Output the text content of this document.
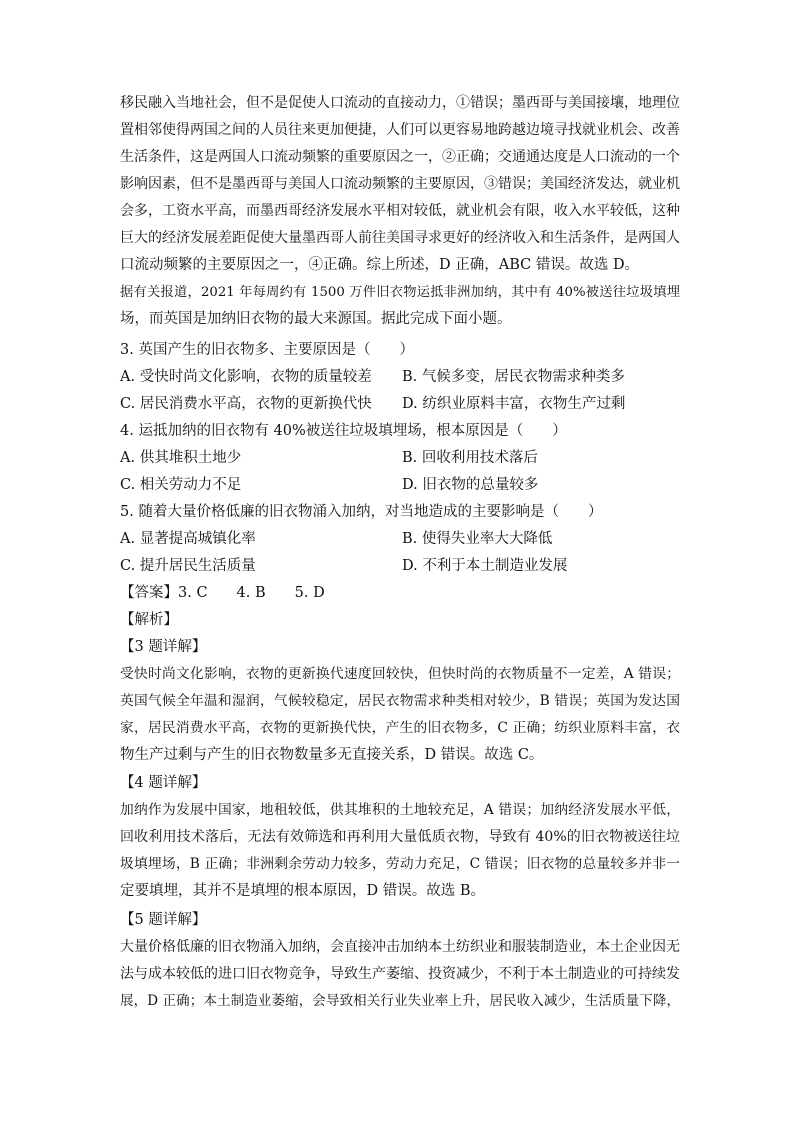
移民融入当地社会，但不是促使人口流动的直接动力，①错误；墨西哥与美国接壤，地理位
置相邻使得两国之间的人员往来更加便捷，人们可以更容易地跨越边境寻找就业机会、改善
生活条件，这是两国人口流动频繁的重要原因之一，②正确；交通通达度是人口流动的一个
影响因素，但不是墨西哥与美国人口流动频繁的主要原因，③错误；美国经济发达，就业机
会多，工资水平高，而墨西哥经济发展水平相对较低，就业机会有限，收入水平较低，这种
巨大的经济发展差距促使大量墨西哥人前往美国寻求更好的经济收入和生活条件，是两国人
口流动频繁的主要原因之一，④正确。综上所述，D 正确，ABC 错误。故选 D。
据有关报道，2021 年每周约有 1500 万件旧衣物运抵非洲加纳，其中有 40%被送往垃圾填埋
场，而英国是加纳旧衣物的最大来源国。据此完成下面小题。
3. 英国产生的旧衣物多、主要原因是（　　）
A. 受快时尚文化影响，衣物的质量较差 B. 气候多变，居民衣物需求种类多
C. 居民消费水平高，衣物的更新换代快 D. 纺织业原料丰富，衣物生产过剩
4. 运抵加纳的旧衣物有 40%被送往垃圾填埋场，根本原因是（　　）
A. 供其堆积土地少	B. 回收利用技术落后
C. 相关劳动力不足	D. 旧衣物的总量较多
5. 随着大量价格低廉的旧衣物涌入加纳，对当地造成的主要影响是（　　）
A. 显著提高城镇化率	B. 使得失业率大大降低
C. 提升居民生活质量	D. 不利于本土制造业发展
【答案】3. C　　4. B　　5. D
【解析】
【3 题详解】
受快时尚文化影响，衣物的更新换代速度回较快，但快时尚的衣物质量不一定差，A 错误；
英国气候全年温和湿润，气候较稳定，居民衣物需求种类相对较少，B 错误；英国为发达国
家，居民消费水平高，衣物的更新换代快，产生的旧衣物多，C 正确；纺织业原料丰富，衣
物生产过剩与产生的旧衣物数量多无直接关系，D 错误。故选 C。
【4 题详解】
加纳作为发展中国家，地租较低，供其堆积的土地较充足，A 错误；加纳经济发展水平低，
回收利用技术落后，无法有效筛选和再利用大量低质衣物，导致有 40%的旧衣物被送往垃
圾填埋场，B 正确；非洲剩余劳动力较多，劳动力充足，C 错误；旧衣物的总量较多并非一
定要填埋，其并不是填埋的根本原因，D 错误。故选 B。
【5 题详解】
大量价格低廉的旧衣物涌入加纳，会直接冲击加纳本土纺织业和服装制造业，本土企业因无
法与成本较低的进口旧衣物竞争，导致生产萎缩、投资减少，不利于本土制造业的可持续发
展，D 正确；本土制造业萎缩，会导致相关行业失业率上升，居民收入减少，生活质量下降，
